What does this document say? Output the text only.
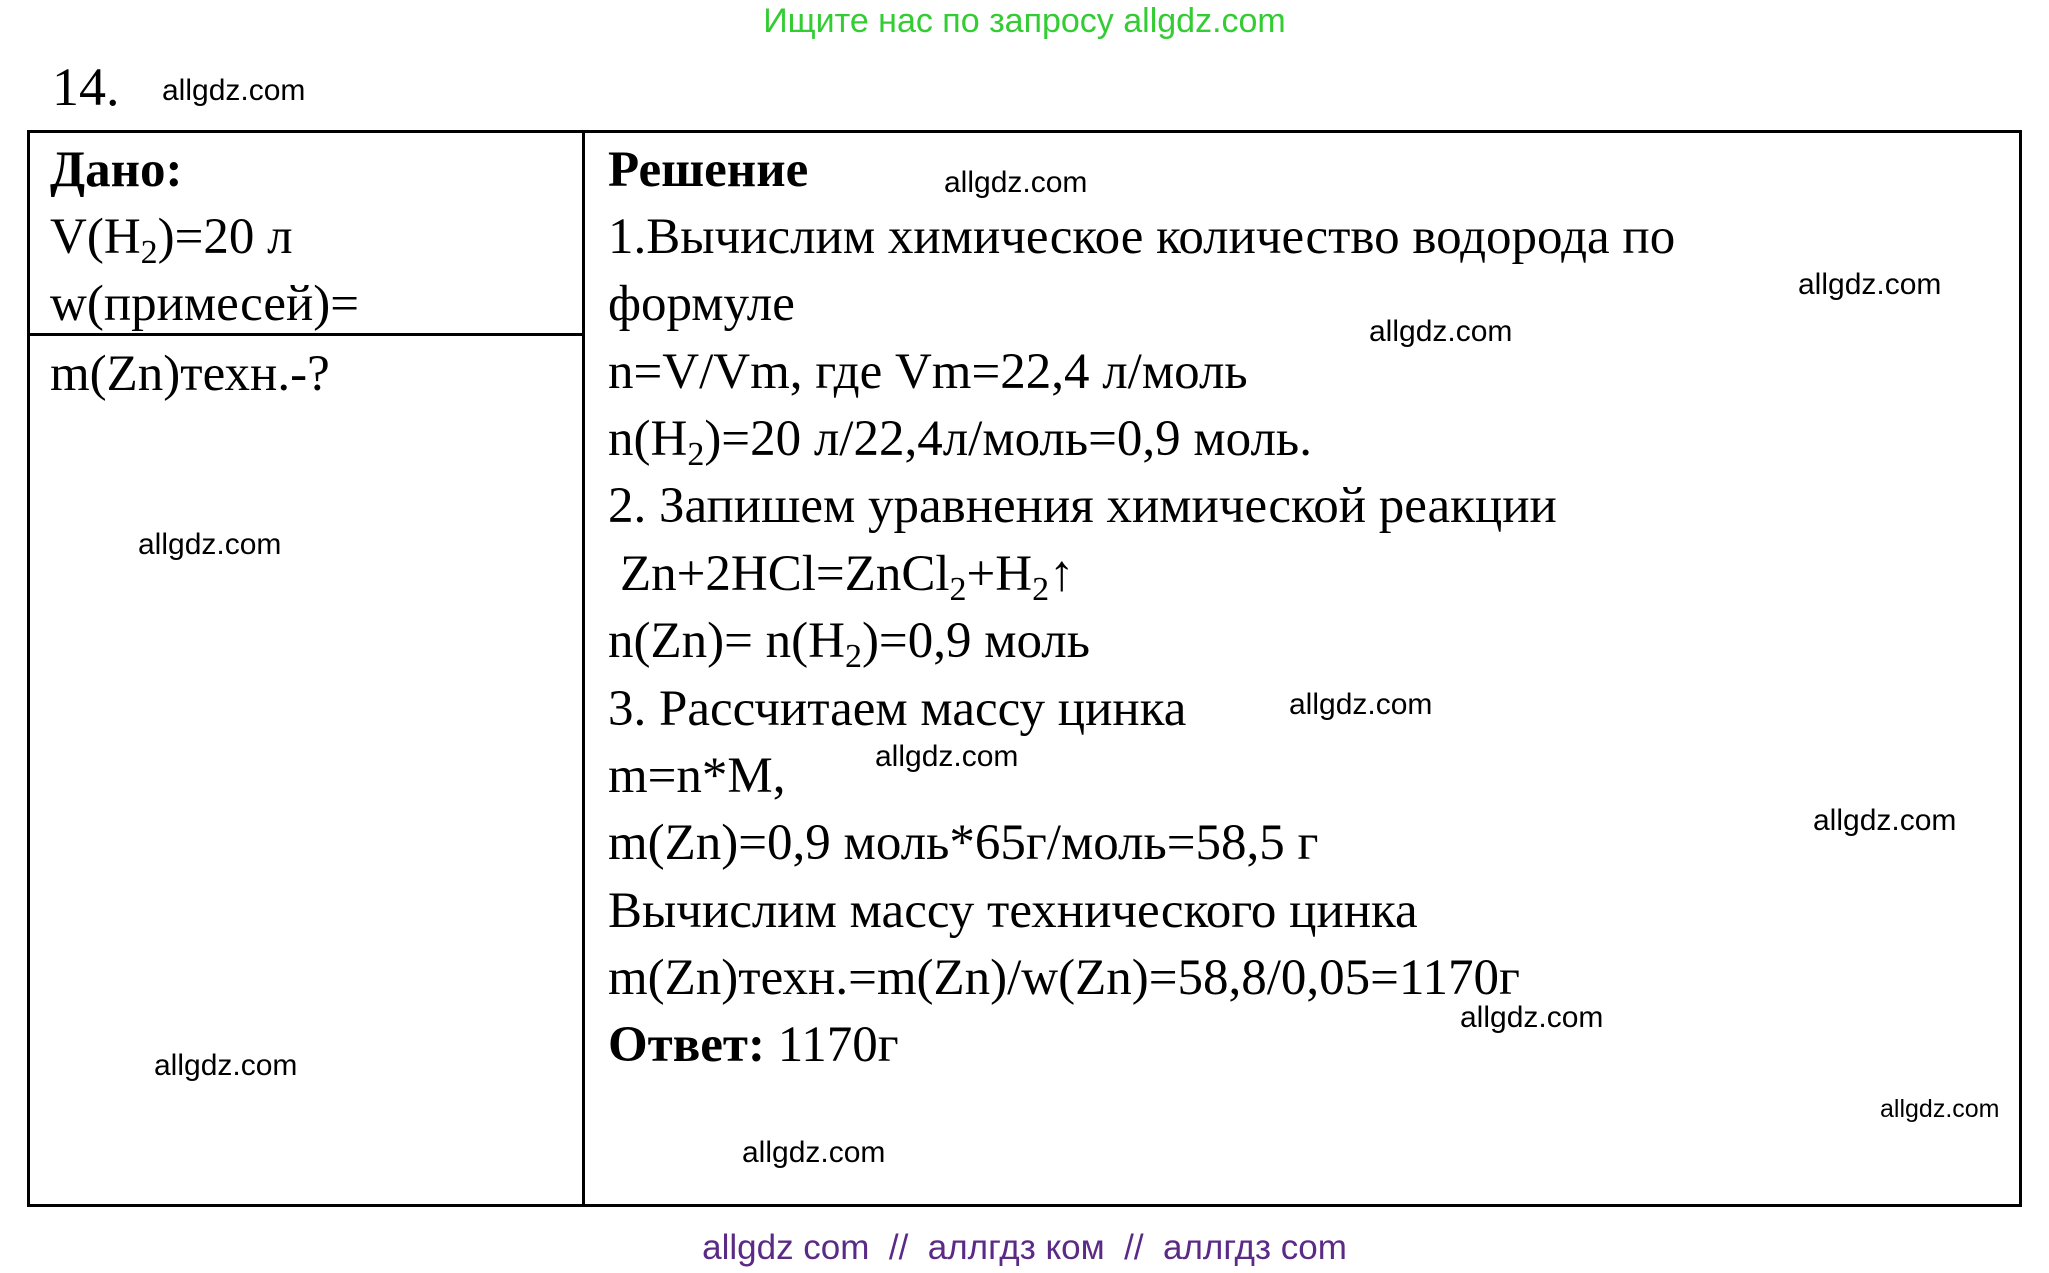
Ищите нас по запросу allgdz.com
14. allgdz.com
Дано:
$V(H_2)=20$ л
w(примесей)=
m(Zn)техн.-?
Решение
1.Вычислим химическое количество водорода по
формуле
n=V/Vm, где Vm=22,4 л/моль
$n(H_2)=20$ л/22,4л/моль=0,9 моль.
2. Запишем уравнения химической реакции
$Zn+2HCl=ZnCl_2+H_2↑$
$n(Zn)= n(H_2)=0,9$ моль
3. Рассчитаем массу цинка
m=n*M,
m(Zn)=0,9 моль*65г/моль=58,5 г
Вычислим массу технического цинка
m(Zn)техн.=m(Zn)/w(Zn)=58,8/0,05=1170г
Ответ: 1170г
allgdz.com
allgdz.com
allgdz.com
allgdz.com
allgdz.com
allgdz.com
allgdz.com
allgdz.com
allgdz.com
allgdz.com
allgdz.com
allgdz com  //  аллгдз ком  //  аллгдз com
